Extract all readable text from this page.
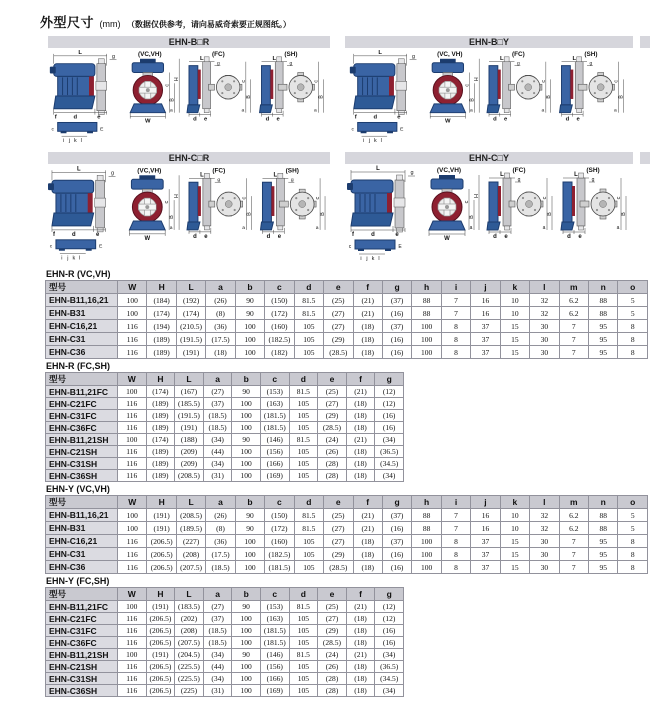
外型尺寸 (mm) （数据仅供参考，请向易威奇索要正规图纸。）
EHN-B□R
L
g
f	d	e
c	E
i j k l
(VC,VH)
W
c
B
H
a
(FC)
L
g
c
B
a
d e
(SH)
L
g
c
B
a
d e
EHN-B□Y
L
g
f	d	e
c	E
i j k l
(VC, VH)
W
c
B
H
a
(FC)
L
g
c
B
a
d e
(SH)
L
g
c
B
a
d e
EHN-C□R
L
g
f	d	e
c	E
i j k l
(VC,VH)
W
c
B
H
a
(FC)
L
g
c
B
a
d e
(SH)
L
g
c
B
a
d e
EHN-C□Y
L
g
f	d	e
c	E
i j k l
(VC,VH)
W
c
B
H
a
(FC)
L
g
c
B
a
d e
(SH)
L
g
c
B
a
d e
EHN-R (VC,VH)
型号	W	H	L	a	b	c	d	e	f	g	h	i	j	k	l	m	n	o
EHN-B11,16,21	100	(184)	(192)	(26)	90	(150)	81.5	(25)	(21)	(37)	88	7	16	10	32	6.2	88	5
EHN-B31	100	(174)	(174)	(8)	90	(172)	81.5	(27)	(21)	(16)	88	7	16	10	32	6.2	88	5
EHN-C16,21	116	(194)	(210.5)	(36)	100	(160)	105	(27)	(18)	(37)	100	8	37	15	30	7	95	8
EHN-C31	116	(189)	(191.5)	(17.5)	100	(182.5)	105	(29)	(18)	(16)	100	8	37	15	30	7	95	8
EHN-C36	116	(189)	(191)	(18)	100	(182)	105	(28.5)	(18)	(16)	100	8	37	15	30	7	95	8
EHN-R (FC,SH)
型号	W	H	L	a	b	c	d	e	f	g
EHN-B11,21FC	100	(174)	(167)	(27)	90	(153)	81.5	(25)	(21)	(12)
EHN-C21FC	116	(189)	(185.5)	(37)	100	(163)	105	(27)	(18)	(12)
EHN-C31FC	116	(189)	(191.5)	(18.5)	100	(181.5)	105	(29)	(18)	(16)
EHN-C36FC	116	(189)	(191)	(18.5)	100	(181.5)	105	(28.5)	(18)	(16)
EHN-B11,21SH	100	(174)	(188)	(34)	90	(146)	81.5	(24)	(21)	(34)
EHN-C21SH	116	(189)	(209)	(44)	100	(156)	105	(26)	(18)	(36.5)
EHN-C31SH	116	(189)	(209)	(34)	100	(166)	105	(28)	(18)	(34.5)
EHN-C36SH	116	(189)	(208.5)	(31)	100	(169)	105	(28)	(18)	(34)
EHN-Y (VC,VH)
型号	W	H	L	a	b	c	d	e	f	g	h	i	j	k	l	m	n	o
EHN-B11,16,21	100	(191)	(208.5)	(26)	90	(150)	81.5	(25)	(21)	(37)	88	7	16	10	32	6.2	88	5
EHN-B31	100	(191)	(189.5)	(8)	90	(172)	81.5	(27)	(21)	(16)	88	7	16	10	32	6.2	88	5
EHN-C16,21	116	(206.5)	(227)	(36)	100	(160)	105	(27)	(18)	(37)	100	8	37	15	30	7	95	8
EHN-C31	116	(206.5)	(208)	(17.5)	100	(182.5)	105	(29)	(18)	(16)	100	8	37	15	30	7	95	8
EHN-C36	116	(206.5)	(207.5)	(18.5)	100	(181.5)	105	(28.5)	(18)	(16)	100	8	37	15	30	7	95	8
EHN-Y (FC,SH)
型号	W	H	L	a	b	c	d	e	f	g
EHN-B11,21FC	100	(191)	(183.5)	(27)	90	(153)	81.5	(25)	(21)	(12)
EHN-C21FC	116	(206.5)	(202)	(37)	100	(163)	105	(27)	(18)	(12)
EHN-C31FC	116	(206.5)	(208)	(18.5)	100	(181.5)	105	(29)	(18)	(16)
EHN-C36FC	116	(206.5)	(207.5)	(18.5)	100	(181.5)	105	(28.5)	(18)	(16)
EHN-B11,21SH	100	(191)	(204.5)	(34)	90	(146)	81.5	(24)	(21)	(34)
EHN-C21SH	116	(206.5)	(225.5)	(44)	100	(156)	105	(26)	(18)	(36.5)
EHN-C31SH	116	(206.5)	(225.5)	(34)	100	(166)	105	(28)	(18)	(34.5)
EHN-C36SH	116	(206.5)	(225)	(31)	100	(169)	105	(28)	(18)	(34)
